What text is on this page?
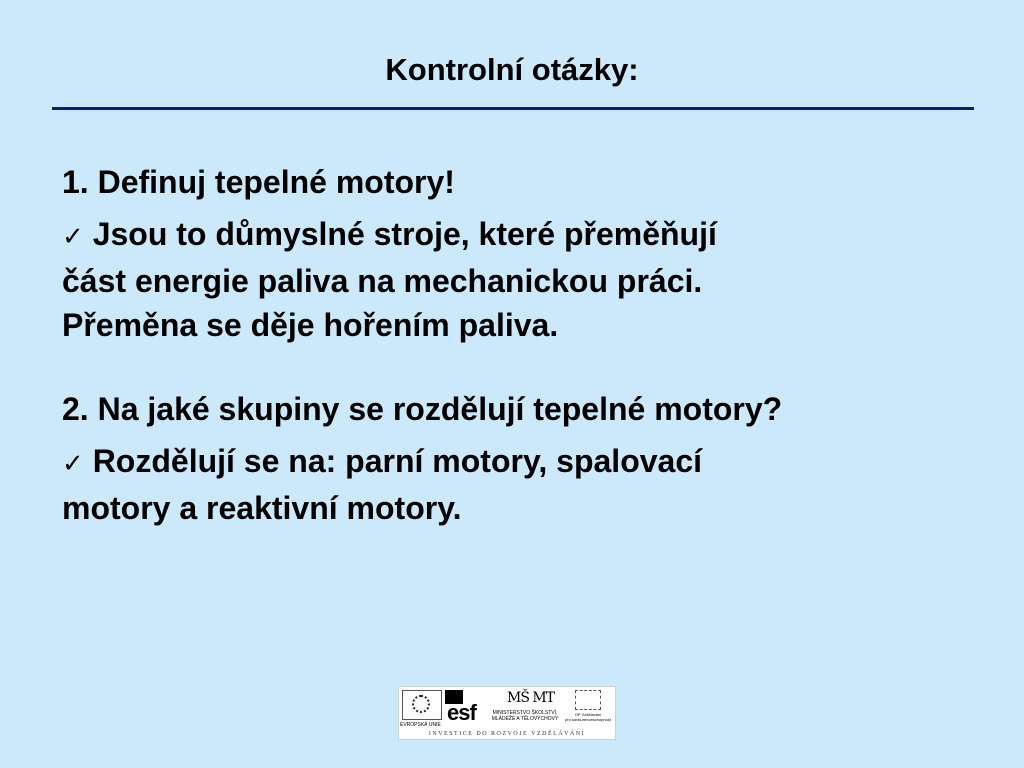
Kontrolní otázky:

1. Definuj tepelné motory!

✓ Jsou to důmyslné stroje, které přeměňují
část energie paliva na mechanickou práci.
Přeměna se děje hořením paliva.

2. Na jaké skupiny se rozdělují tepelné motory?

✓ Rozdělují se na: parní motory, spalovací
motory a reaktivní motory.

EVROPSKÁ UNIE esf
MŠ MT
MINISTERSTVO ŠKOLSTVÍ,
MLÁDEŽE A TĚLOVÝCHOVY
OP Vzdělávání
pro konkurenceschopnost
INVESTICE DO ROZVOJE VZDĚLÁVÁNÍ
